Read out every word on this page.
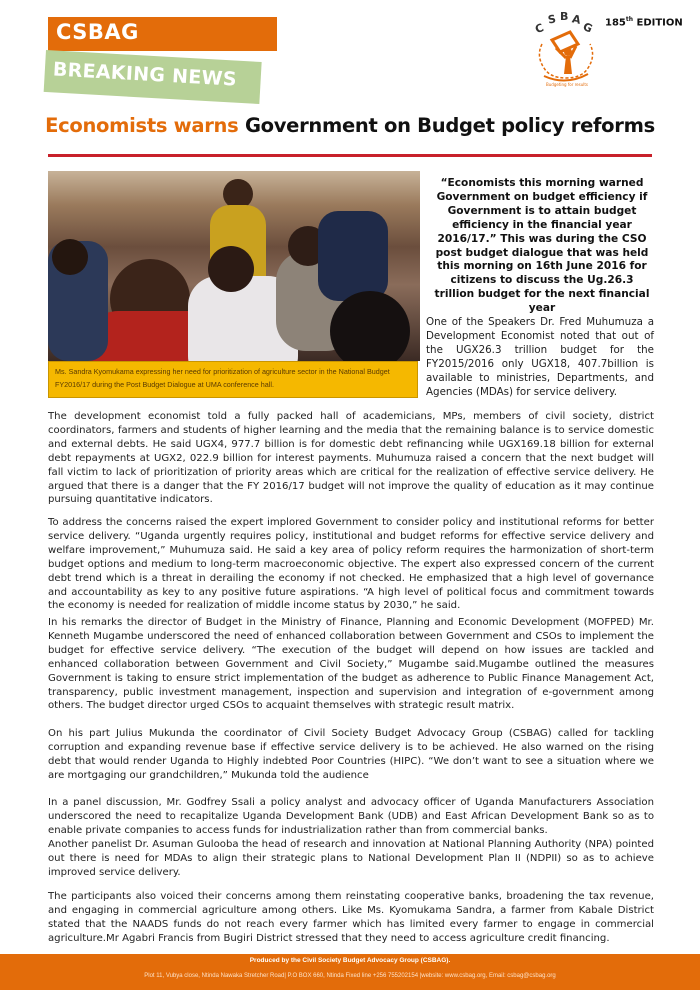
CSBAG
BREAKING NEWS
C
S B A
G
Budgeting for results
185th EDITION
Economists warns Government on Budget policy reforms
Ms. Sandra Kyomukama expressing her need for prioritization of agriculture sector in the National Budget FY2016/17 during the Post Budget Dialogue at UMA conference hall.
“Economists this morning warned Government on budget efficiency if Government is to attain budget efficiency in the financial year 2016/17.” This was during the CSO post budget dialogue that was held this morning on 16th June 2016 for citizens to discuss the Ug.26.3 trillion budget for the next financial year
One of the Speakers Dr. Fred Muhumuza a Development Economist noted that out of the UGX26.3 trillion budget for the FY2015/2016 only UGX18, 407.7billion is available to ministries, Departments, and Agencies (MDAs) for service delivery.

The development economist told a fully packed hall of academicians, MPs, members of civil society, district coordinators, farmers and students of higher learning and the media that the remaining balance is to service domestic and external debts. He said UGX4, 977.7 billion is for domestic debt refinancing while UGX169.18 billion for external debt repayments at UGX2, 022.9 billion for interest payments. Muhumuza raised a concern that the next budget will fall victim to lack of prioritization of priority areas which are critical for the realization of effective service delivery. He argued that there is a danger that the FY 2016/17 budget will not improve the quality of education as it may continue pursuing quantitative indicators.

To address the concerns raised the expert implored Government to consider policy and institutional reforms for better service delivery. “Uganda urgently requires policy, institutional and budget reforms for effective service delivery and welfare improvement,” Muhumuza said. He said a key area of policy reform requires the harmonization of short-term budget options and medium to long-term macroeconomic objective. The expert also expressed concern of the current debt trend which is a threat in derailing the economy if not checked. He emphasized that a high level of governance and accountability as key to any positive future aspirations. “A high level of political focus and commitment towards the economy is needed for realization of middle income status by 2030,” he said.

In his remarks the director of Budget in the Ministry of Finance, Planning and Economic Development (MOFPED) Mr. Kenneth Mugambe underscored the need of enhanced collaboration between Government and CSOs to implement the budget for effective service delivery. “The execution of the budget will depend on how issues are tackled and enhanced collaboration between Government and Civil Society,” Mugambe said.Mugambe outlined the measures Government is taking to ensure strict implementation of the budget as adherence to Public Finance Management Act, transparency, public investment management, inspection and supervision and integration of e-government among others. The budget director urged CSOs to acquaint themselves with strategic result matrix.

On his part Julius Mukunda the coordinator of Civil Society Budget Advocacy Group (CSBAG) called for tackling corruption and expanding revenue base if effective service delivery is to be achieved. He also warned on the rising debt that would render Uganda to Highly indebted Poor Countries (HIPC). “We don’t want to see a situation where we are mortgaging our grandchildren,” Mukunda told the audience

In a panel discussion, Mr. Godfrey Ssali a policy analyst and advocacy officer of Uganda Manufacturers Association underscored the need to recapitalize Uganda Development Bank (UDB) and East African Development Bank so as to enable private companies to access funds for industrialization rather than from commercial banks.

Another panelist Dr. Asuman Gulooba the head of research and innovation at National Planning Authority (NPA) pointed out there is need for MDAs to align their strategic plans to National Development Plan II (NDPII) so as to achieve improved service delivery.

The participants also voiced their concerns among them reinstating cooperative banks, broadening the tax revenue, and engaging in commercial agriculture among others. Like Ms. Kyomukama Sandra, a farmer from Kabale District stated that the NAADS funds do not reach every farmer which has limited every farmer to engage in commercial agriculture.Mr Agabri Francis from Bugiri District stressed that they need to access agriculture credit financing.

Produced by the Civil Society Budget Advocacy Group (CSBAG).
Plot 11, Vubya close, Ntinda Nawaka Stretcher Road| P.O BOX 660, Ntinda Fixed line +256 755202154 |website: www.csbag.org, Email: csbag@csbag.org
